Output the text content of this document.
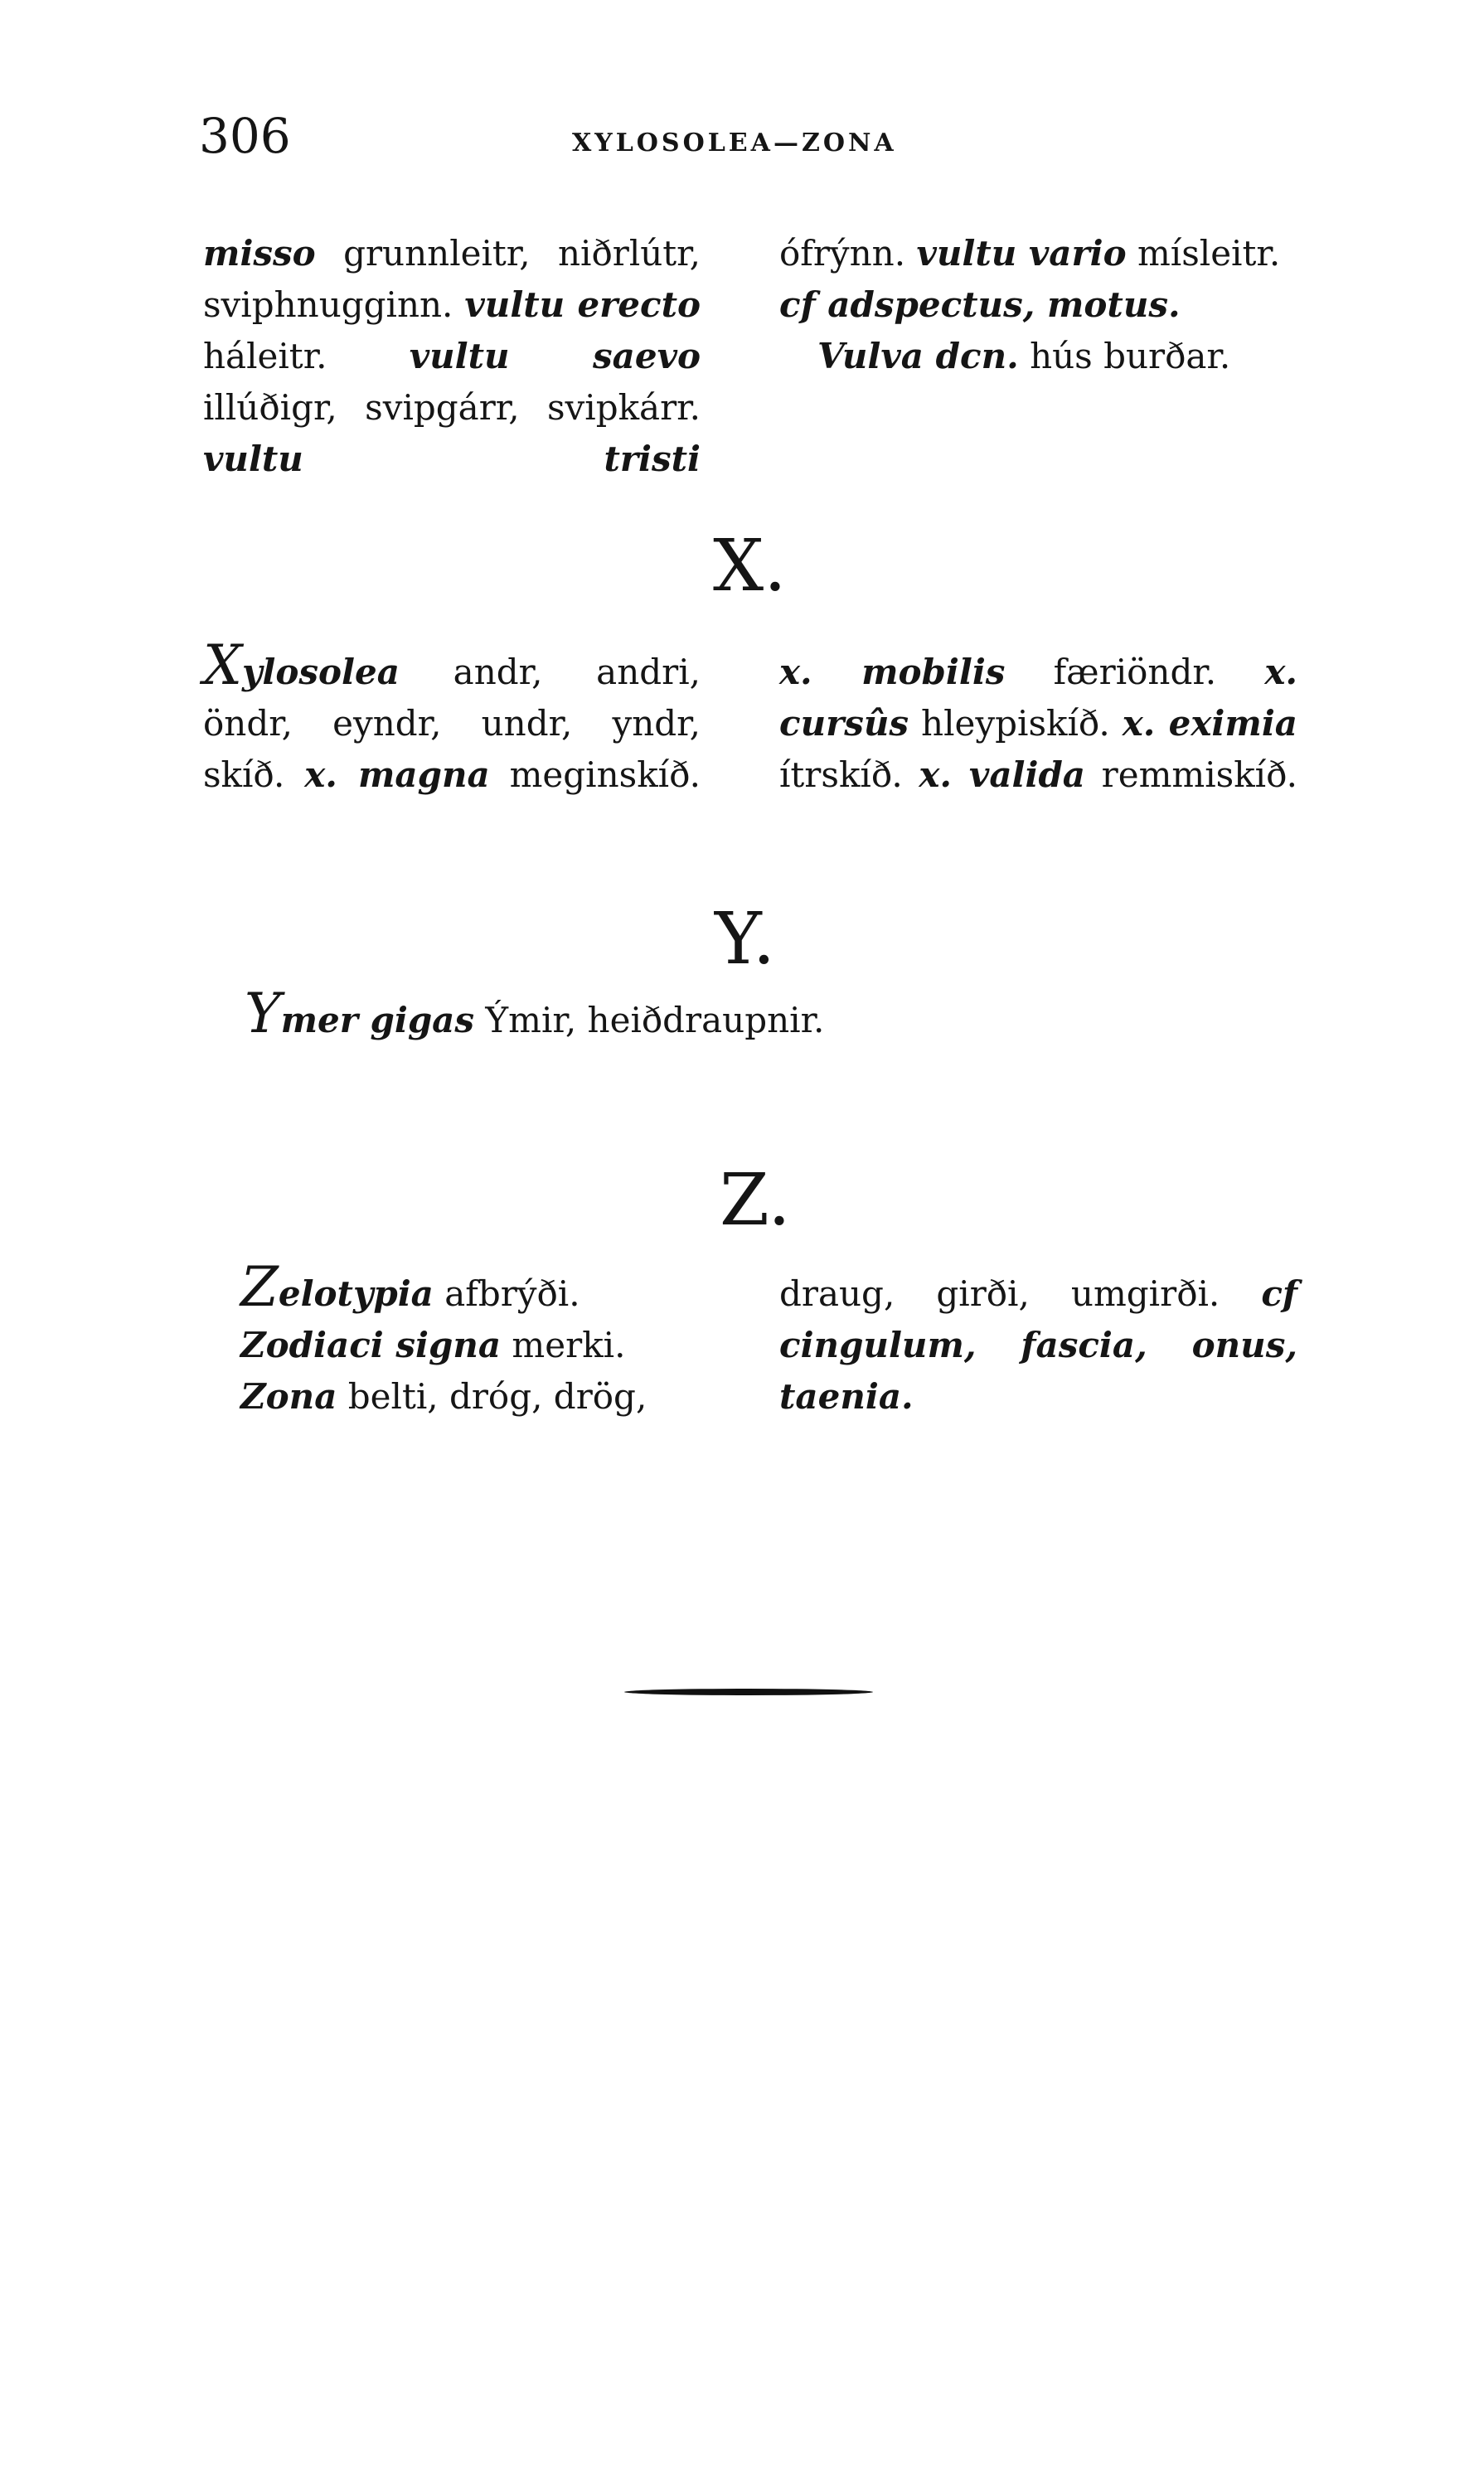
306	XYLOSOLEA—ZONA

misso grunnleitr, niðrlútr, sviphnugginn. vultu erecto háleitr. vultu saevo illúðigr, svipgárr, svipkárr. vultu tristi

ófrýnn. vultu vario mísleitr. cf adspectus, motus.

Vulva dcn. hús burðar.

X.

Xylosolea andr, andri, öndr, eyndr, undr, yndr, skíð. x. magna meginskíð.

x. mobilis færiöndr. x. cursûs hleypiskíð. x. eximia ítrskíð. x. valida remmiskíð.

Y.

Ymer gigas Ýmir, heiðdraupnir.

Z.

Zelotypia afbrýði.

Zodiaci signa merki.

Zona belti, dróg, drög,

draug, girði, umgirði. cf cingulum, fascia, onus, taenia.
